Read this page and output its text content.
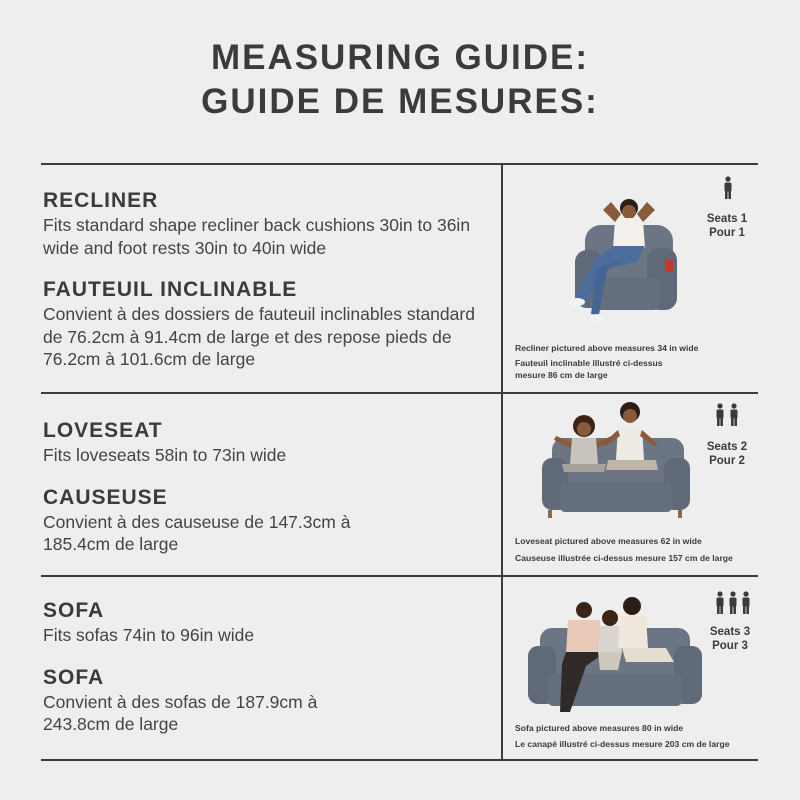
MEASURING GUIDE:
GUIDE DE MESURES:
RECLINER
Fits standard shape recliner back cushions 30in to 36in wide and foot rests 30in to 40in wide
FAUTEUIL INCLINABLE
Convient à des dossiers de fauteuil inclinables standard de 76.2cm à 91.4cm de large et des repose pieds de 76.2cm à 101.6cm de large
Seats 1
Pour 1
Recliner pictured above measures 34 in wide
Fauteuil inclinable illustré ci-dessus mesure 86 cm de large
LOVESEAT
Fits loveseats 58in to 73in wide
CAUSEUSE
Convient à des causeuse de 147.3cm à 185.4cm de large
Seats 2
Pour 2
Loveseat pictured above measures 62 in wide
Causeuse illustrée ci-dessus mesure 157 cm de large
SOFA
Fits sofas 74in to 96in wide
SOFA
Convient à des sofas de 187.9cm à 243.8cm de large
Seats 3
Pour 3
Sofa pictured above measures 80 in wide
Le canapé illustré ci-dessus mesure 203 cm de large
